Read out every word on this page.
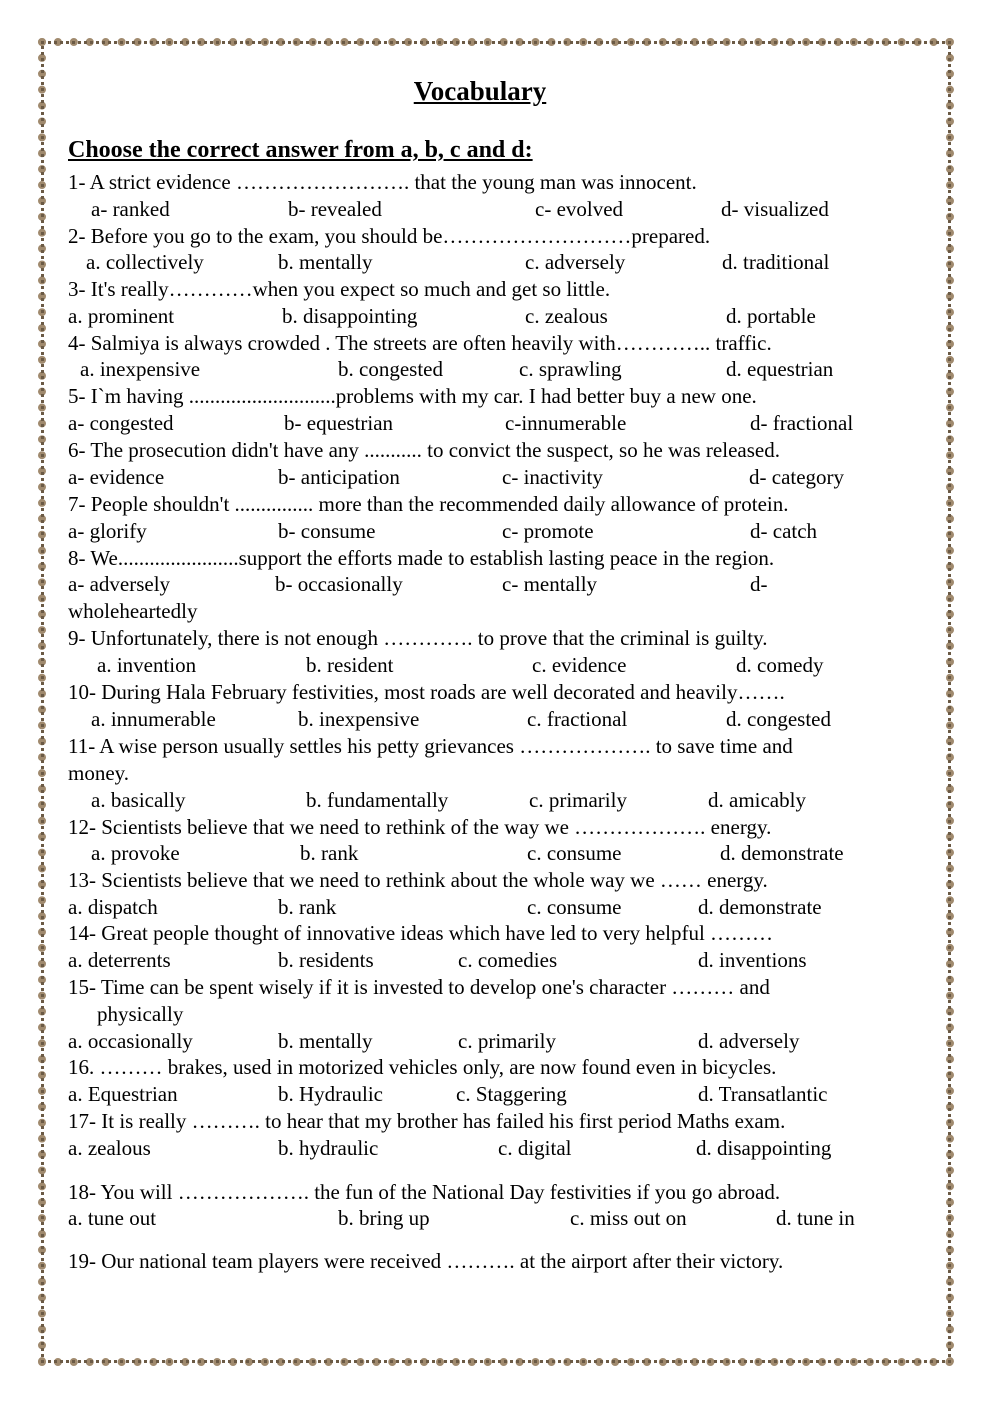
Vocabulary
Choose the correct answer from a, b, c and d:
1- A strict evidence ……………………. that the young man was innocent.
a- ranked	b- revealed	c- evolved	d- visualized
2- Before you go to the exam, you should be………………………prepared.
a. collectively	b. mentally	c. adversely	d. traditional
3- It's really…………when you expect so much and get so little.
a. prominent	b. disappointing	c. zealous	d. portable
4- Salmiya is always crowded . The streets are often heavily with………….. traffic.
a. inexpensive	b. congested	c. sprawling	d. equestrian
5- I`m having ............................problems with my car. I had better buy a new one.
a- congested	b- equestrian	c-innumerable	d- fractional
6- The prosecution didn't have any ........... to convict the suspect, so he was released.
a- evidence	b- anticipation	c- inactivity	d- category
7- People shouldn't ............... more than the recommended daily allowance of protein.
a- glorify	b- consume	c- promote	d- catch
8- We.......................support the efforts made to establish lasting peace in the region.
a- adversely	b- occasionally	c- mentally	d-
wholeheartedly
9- Unfortunately, there is not enough …………. to prove that the criminal is guilty.
a. invention	b. resident	c. evidence	d. comedy
10- During Hala February festivities, most roads are well decorated and heavily…….
a. innumerable	b. inexpensive	c. fractional	d. congested
11- A wise person usually settles his petty grievances ………………. to save time and
money.
a. basically	b. fundamentally	c. primarily	d. amicably
12- Scientists believe that we need to rethink of the way we ………………. energy.
a. provoke	b. rank	c. consume	d. demonstrate
13- Scientists believe that we need to rethink about the whole way we …… energy.
a. dispatch	b. rank	c. consume	d. demonstrate
14- Great people thought of innovative ideas which have led to very helpful ………
a. deterrents	b. residents	c. comedies	d. inventions
15- Time can be spent wisely if it is invested to develop one's character ……… and
physically
a. occasionally	b. mentally	c. primarily	d. adversely
16. ……… brakes, used in motorized vehicles only, are now found even in bicycles.
a. Equestrian	b. Hydraulic	c. Staggering	d. Transatlantic
17- It is really ………. to hear that my brother has failed his first period Maths exam.
a. zealous	b. hydraulic	c. digital	d. disappointing
18- You will ………………. the fun of the National Day festivities if you go abroad.
a. tune out	b. bring up	c. miss out on	d. tune in
19- Our national team players were received ………. at the airport after their victory.
